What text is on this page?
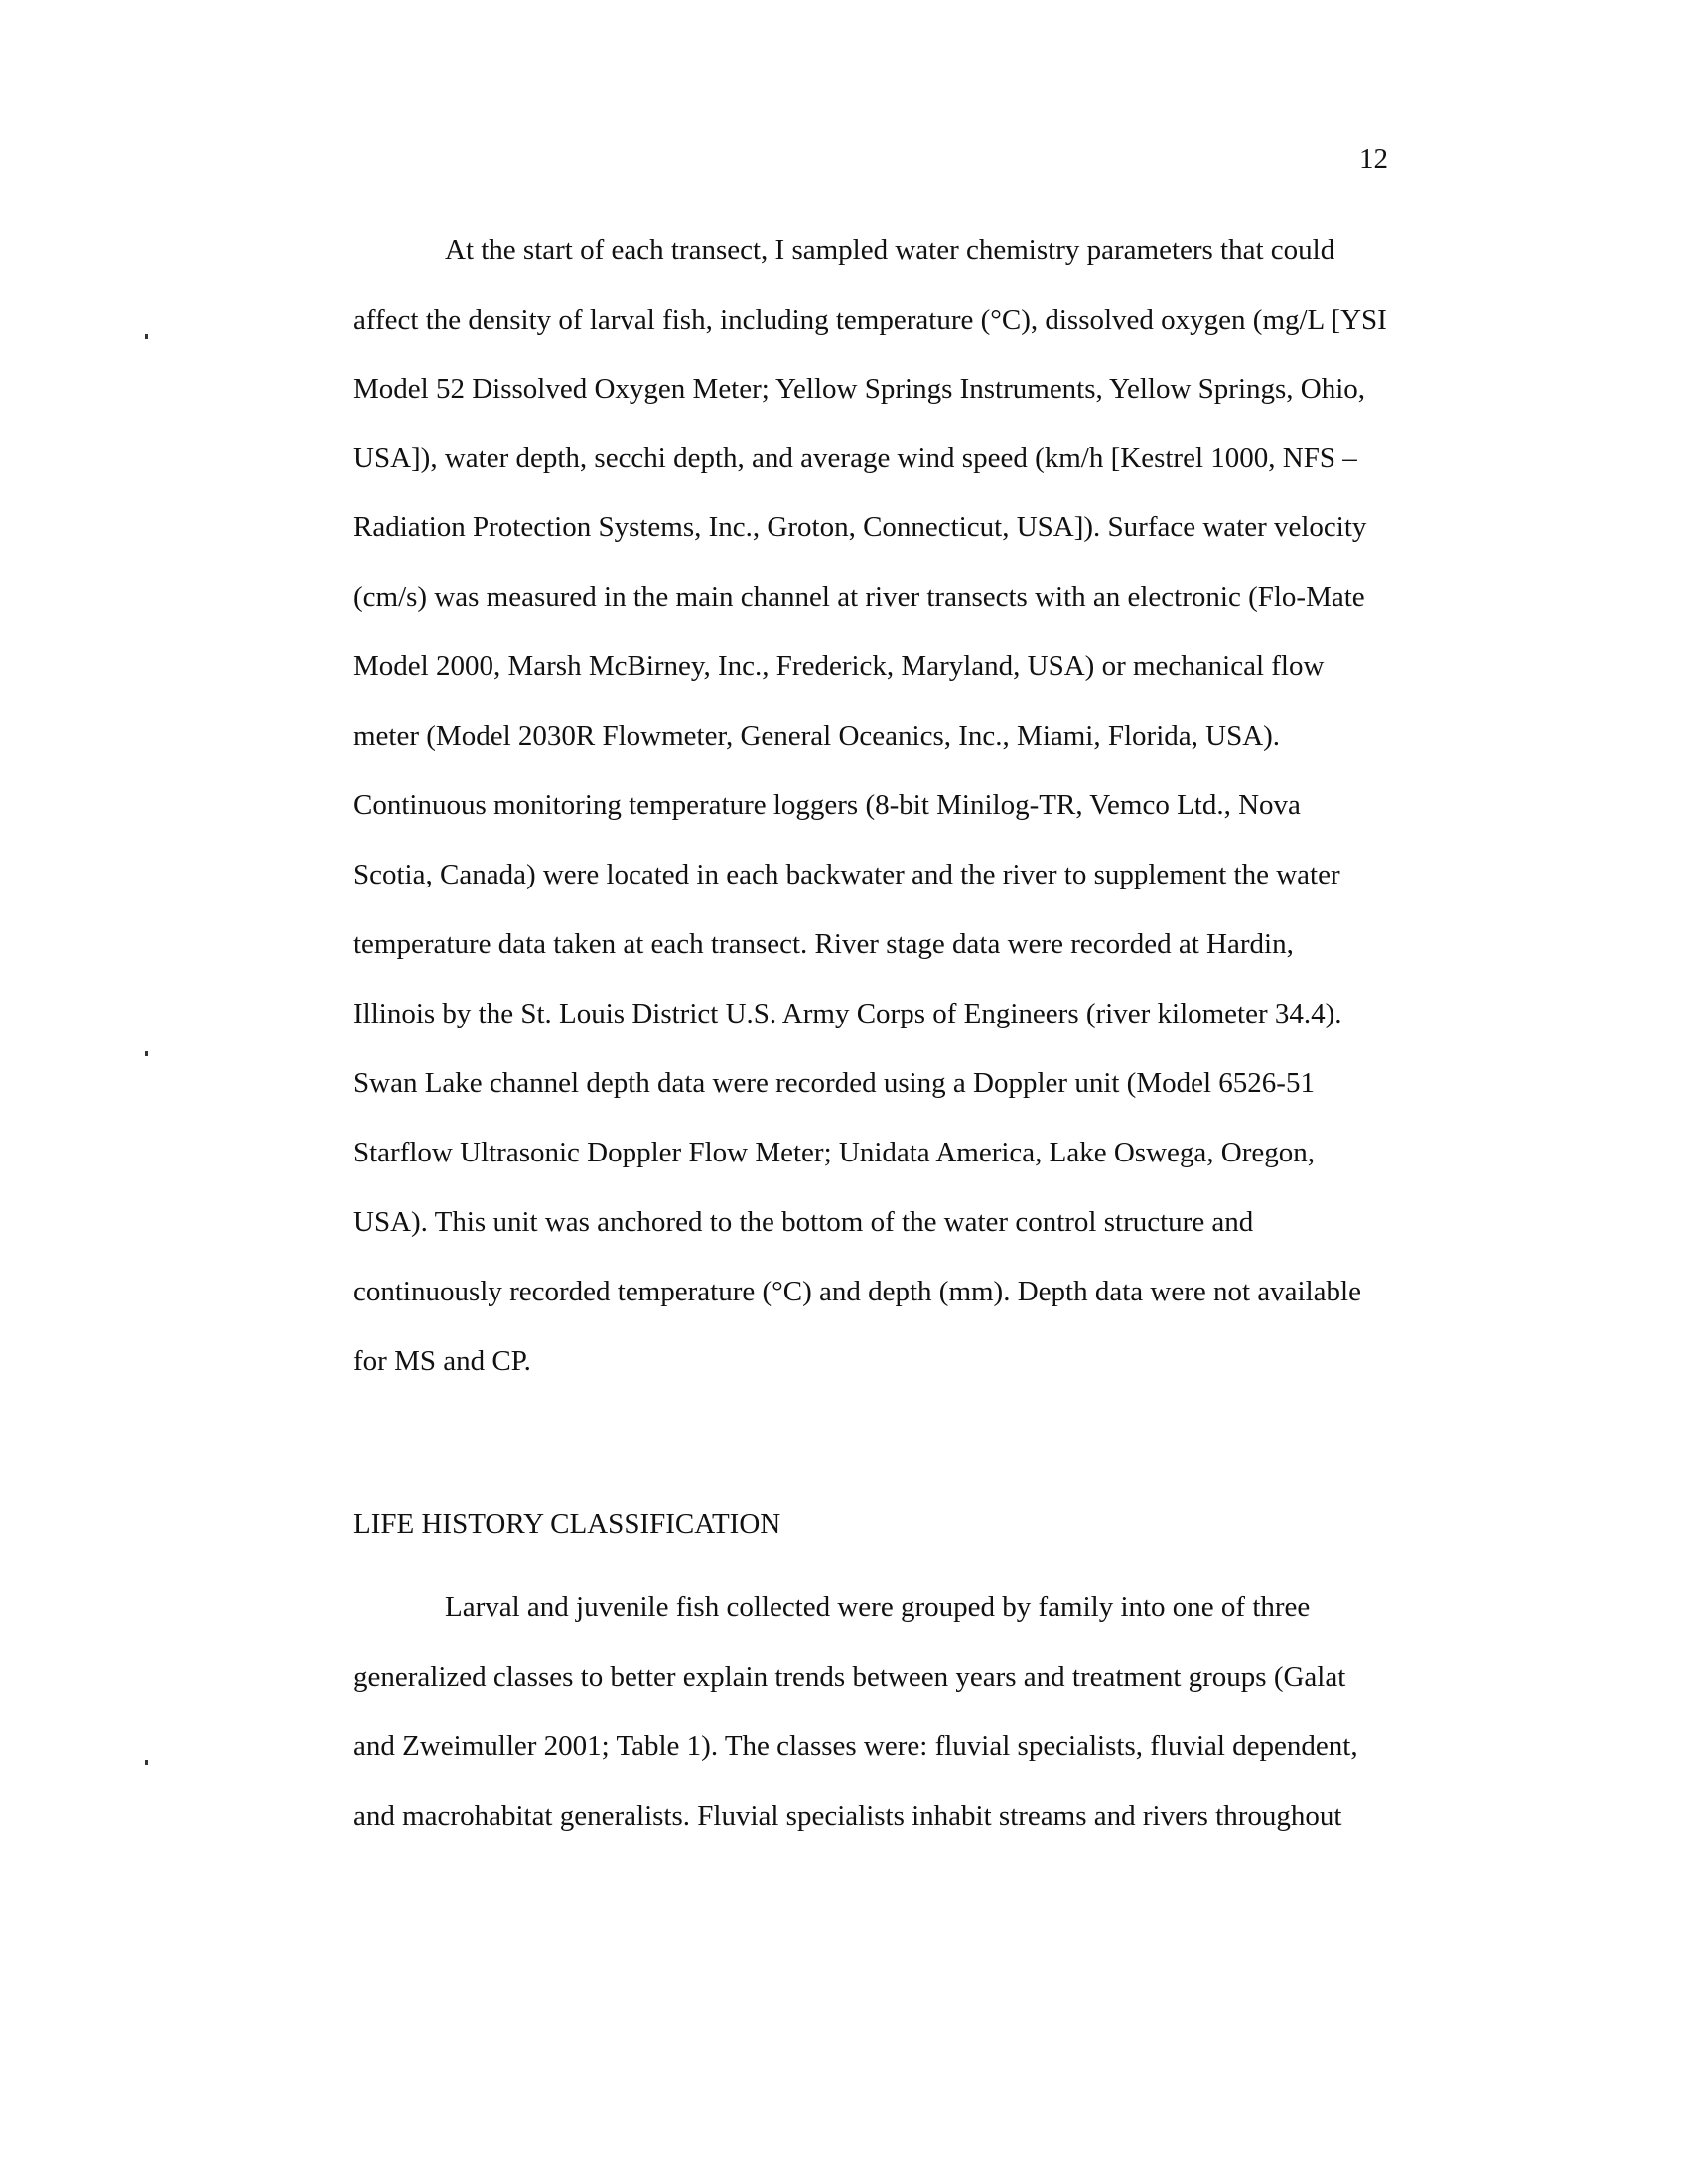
12
At the start of each transect, I sampled water chemistry parameters that could
affect the density of larval fish, including temperature (°C), dissolved oxygen (mg/L [YSI
Model 52 Dissolved Oxygen Meter; Yellow Springs Instruments, Yellow Springs, Ohio,
USA]), water depth, secchi depth, and average wind speed (km/h [Kestrel 1000, NFS –
Radiation Protection Systems, Inc., Groton, Connecticut, USA]). Surface water velocity
(cm/s) was measured in the main channel at river transects with an electronic (Flo-Mate
Model 2000, Marsh McBirney, Inc., Frederick, Maryland, USA) or mechanical flow
meter (Model 2030R Flowmeter, General Oceanics, Inc., Miami, Florida, USA).
Continuous monitoring temperature loggers (8-bit Minilog-TR, Vemco Ltd., Nova
Scotia, Canada) were located in each backwater and the river to supplement the water
temperature data taken at each transect. River stage data were recorded at Hardin,
Illinois by the St. Louis District U.S. Army Corps of Engineers (river kilometer 34.4).
Swan Lake channel depth data were recorded using a Doppler unit (Model 6526-51
Starflow Ultrasonic Doppler Flow Meter; Unidata America, Lake Oswega, Oregon,
USA). This unit was anchored to the bottom of the water control structure and
continuously recorded temperature (°C) and depth (mm). Depth data were not available
for MS and CP.
LIFE HISTORY CLASSIFICATION
Larval and juvenile fish collected were grouped by family into one of three
generalized classes to better explain trends between years and treatment groups (Galat
and Zweimuller 2001; Table 1). The classes were: fluvial specialists, fluvial dependent,
and macrohabitat generalists. Fluvial specialists inhabit streams and rivers throughout
